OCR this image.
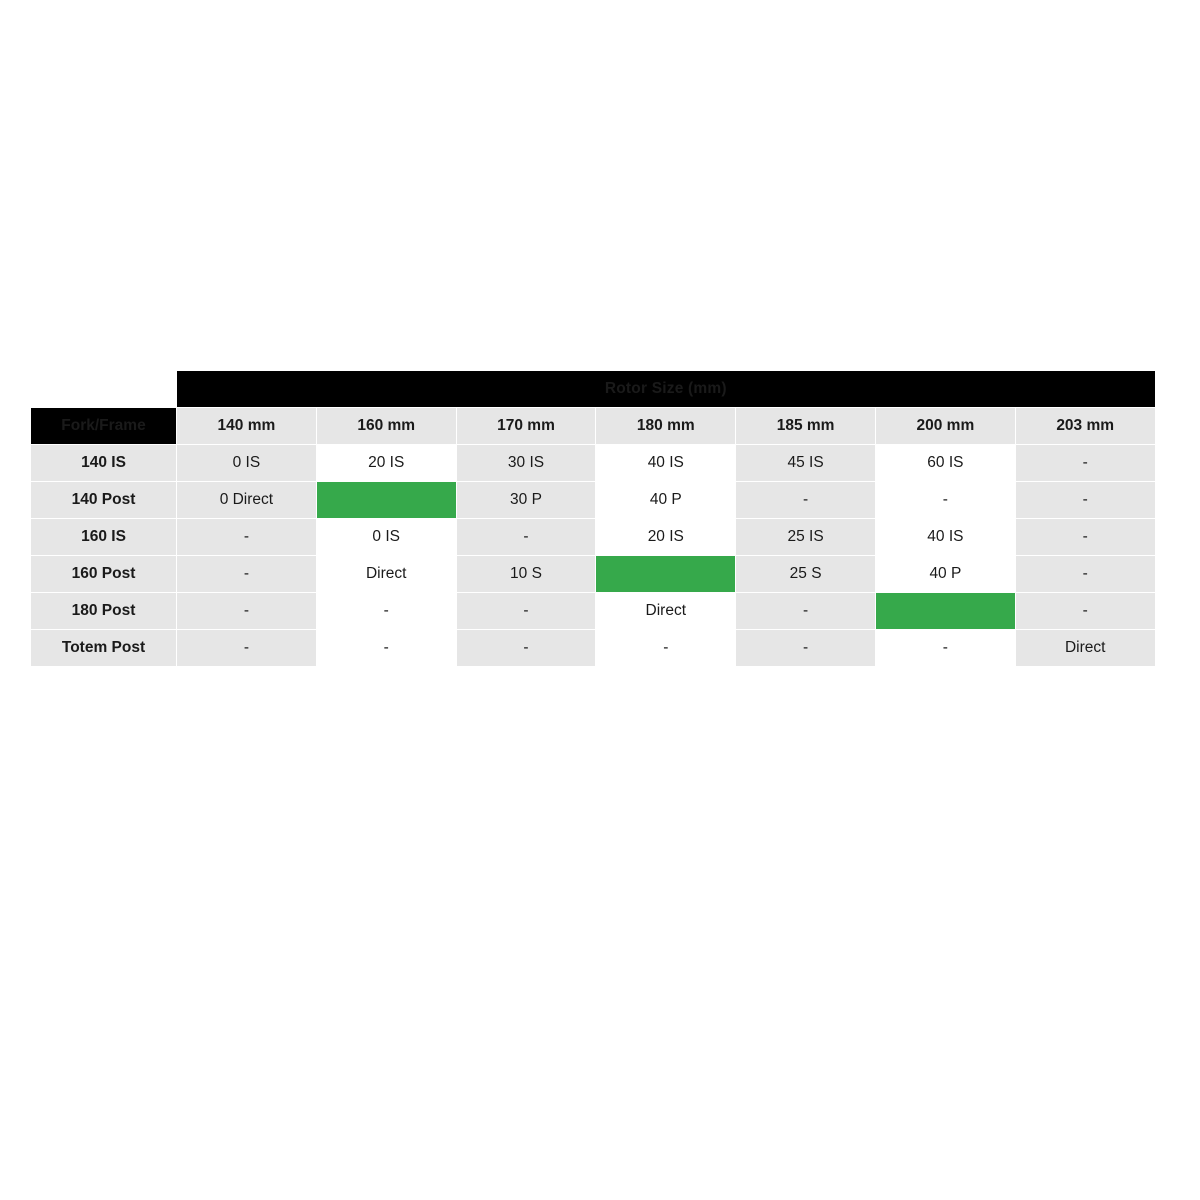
	Rotor Size (mm)						
Fork/Frame	140 mm	160 mm	170 mm	180 mm	185 mm	200 mm	203 mm
140 IS	0 IS	20 IS	30 IS	40 IS	45 IS	60 IS	-
140 Post	0 Direct		30 P	40 P	-	-	-
160 IS	-	0 IS	-	20 IS	25 IS	40 IS	-
160 Post	-	Direct	10 S		25 S	40 P	-
180 Post	-	-	-	Direct	-		-
Totem Post	-	-	-	-	-	-	Direct
